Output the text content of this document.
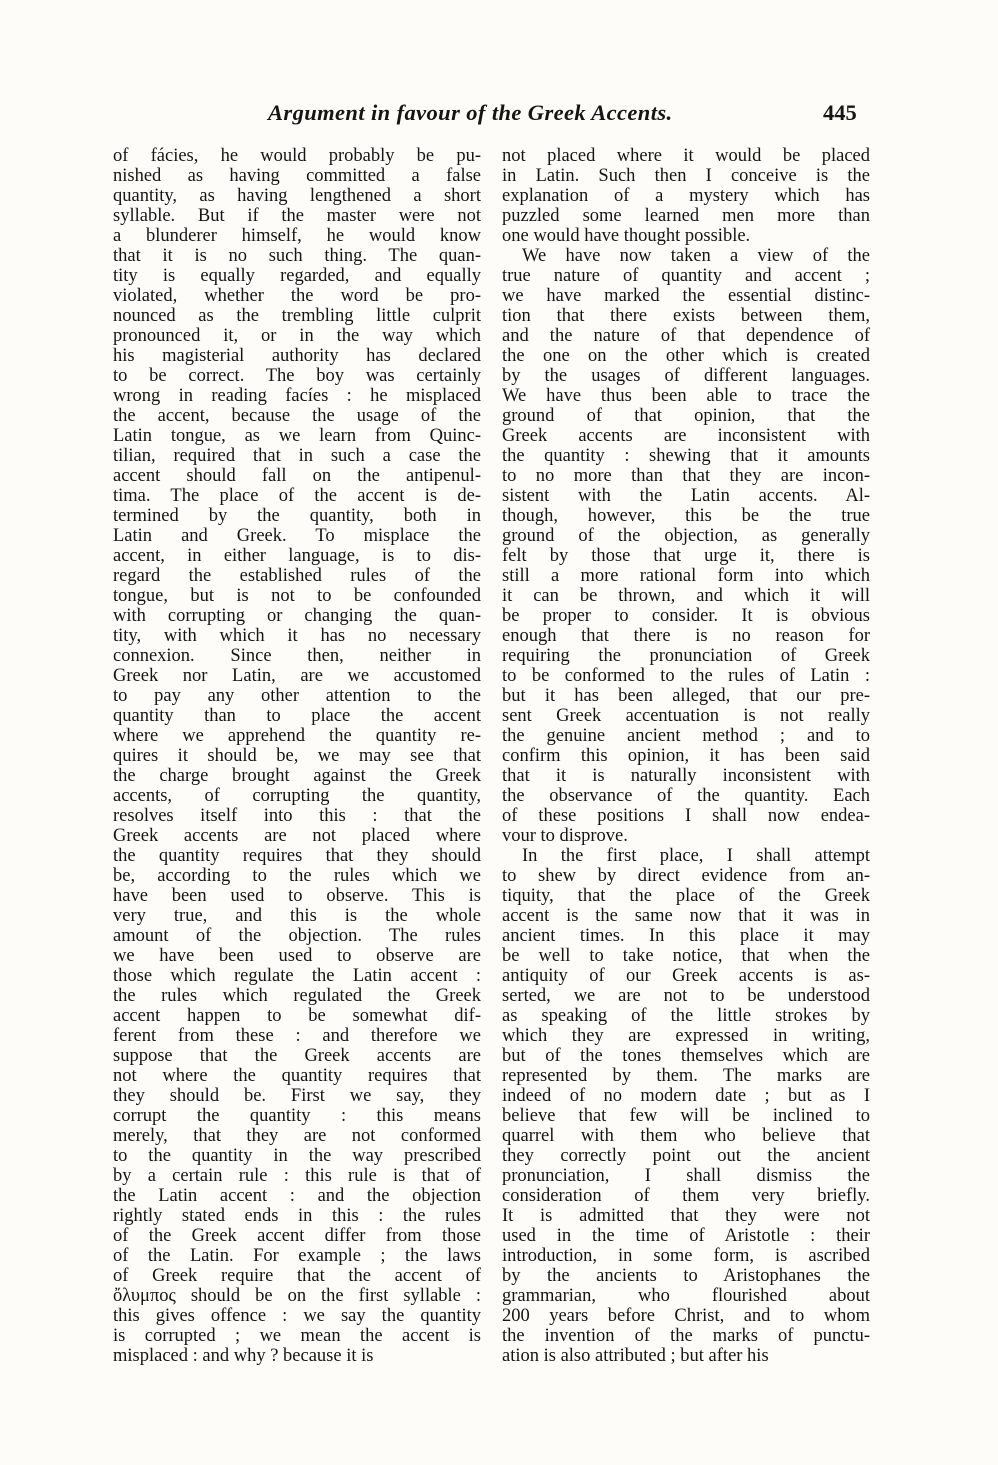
Argument in favour of the Greek Accents.	445
of fácies, he would probably be pu-
nished as having committed a false
quantity, as having lengthened a short
syllable. But if the master were not
a blunderer himself, he would know
that it is no such thing. The quan-
tity is equally regarded, and equally
violated, whether the word be pro-
nounced as the trembling little culprit
pronounced it, or in the way which
his magisterial authority has declared
to be correct. The boy was certainly
wrong in reading facíes : he misplaced
the accent, because the usage of the
Latin tongue, as we learn from Quinc-
tilian, required that in such a case the
accent should fall on the antipenul-
tima. The place of the accent is de-
termined by the quantity, both in
Latin and Greek. To misplace the
accent, in either language, is to dis-
regard the established rules of the
tongue, but is not to be confounded
with corrupting or changing the quan-
tity, with which it has no necessary
connexion. Since then, neither in
Greek nor Latin, are we accustomed
to pay any other attention to the
quantity than to place the accent
where we apprehend the quantity re-
quires it should be, we may see that
the charge brought against the Greek
accents, of corrupting the quantity,
resolves itself into this : that the
Greek accents are not placed where
the quantity requires that they should
be, according to the rules which we
have been used to observe. This is
very true, and this is the whole
amount of the objection. The rules
we have been used to observe are
those which regulate the Latin accent :
the rules which regulated the Greek
accent happen to be somewhat dif-
ferent from these : and therefore we
suppose that the Greek accents are
not where the quantity requires that
they should be. First we say, they
corrupt the quantity : this means
merely, that they are not conformed
to the quantity in the way prescribed
by a certain rule : this rule is that of
the Latin accent : and the objection
rightly stated ends in this : the rules
of the Greek accent differ from those
of the Latin. For example ; the laws
of Greek require that the accent of
ὄλυμπος should be on the first syllable :
this gives offence : we say the quantity
is corrupted ; we mean the accent is
misplaced : and why ? because it is
not placed where it would be placed
in Latin. Such then I conceive is the
explanation of a mystery which has
puzzled some learned men more than
one would have thought possible.
We have now taken a view of the
true nature of quantity and accent ;
we have marked the essential distinc-
tion that there exists between them,
and the nature of that dependence of
the one on the other which is created
by the usages of different languages.
We have thus been able to trace the
ground of that opinion, that the
Greek accents are inconsistent with
the quantity : shewing that it amounts
to no more than that they are incon-
sistent with the Latin accents. Al-
though, however, this be the true
ground of the objection, as generally
felt by those that urge it, there is
still a more rational form into which
it can be thrown, and which it will
be proper to consider. It is obvious
enough that there is no reason for
requiring the pronunciation of Greek
to be conformed to the rules of Latin :
but it has been alleged, that our pre-
sent Greek accentuation is not really
the genuine ancient method ; and to
confirm this opinion, it has been said
that it is naturally inconsistent with
the observance of the quantity. Each
of these positions I shall now endea-
vour to disprove.
In the first place, I shall attempt
to shew by direct evidence from an-
tiquity, that the place of the Greek
accent is the same now that it was in
ancient times. In this place it may
be well to take notice, that when the
antiquity of our Greek accents is as-
serted, we are not to be understood
as speaking of the little strokes by
which they are expressed in writing,
but of the tones themselves which are
represented by them. The marks are
indeed of no modern date ; but as I
believe that few will be inclined to
quarrel with them who believe that
they correctly point out the ancient
pronunciation, I shall dismiss the
consideration of them very briefly.
It is admitted that they were not
used in the time of Aristotle : their
introduction, in some form, is ascribed
by the ancients to Aristophanes the
grammarian, who flourished about
200 years before Christ, and to whom
the invention of the marks of punctu-
ation is also attributed ; but after his
